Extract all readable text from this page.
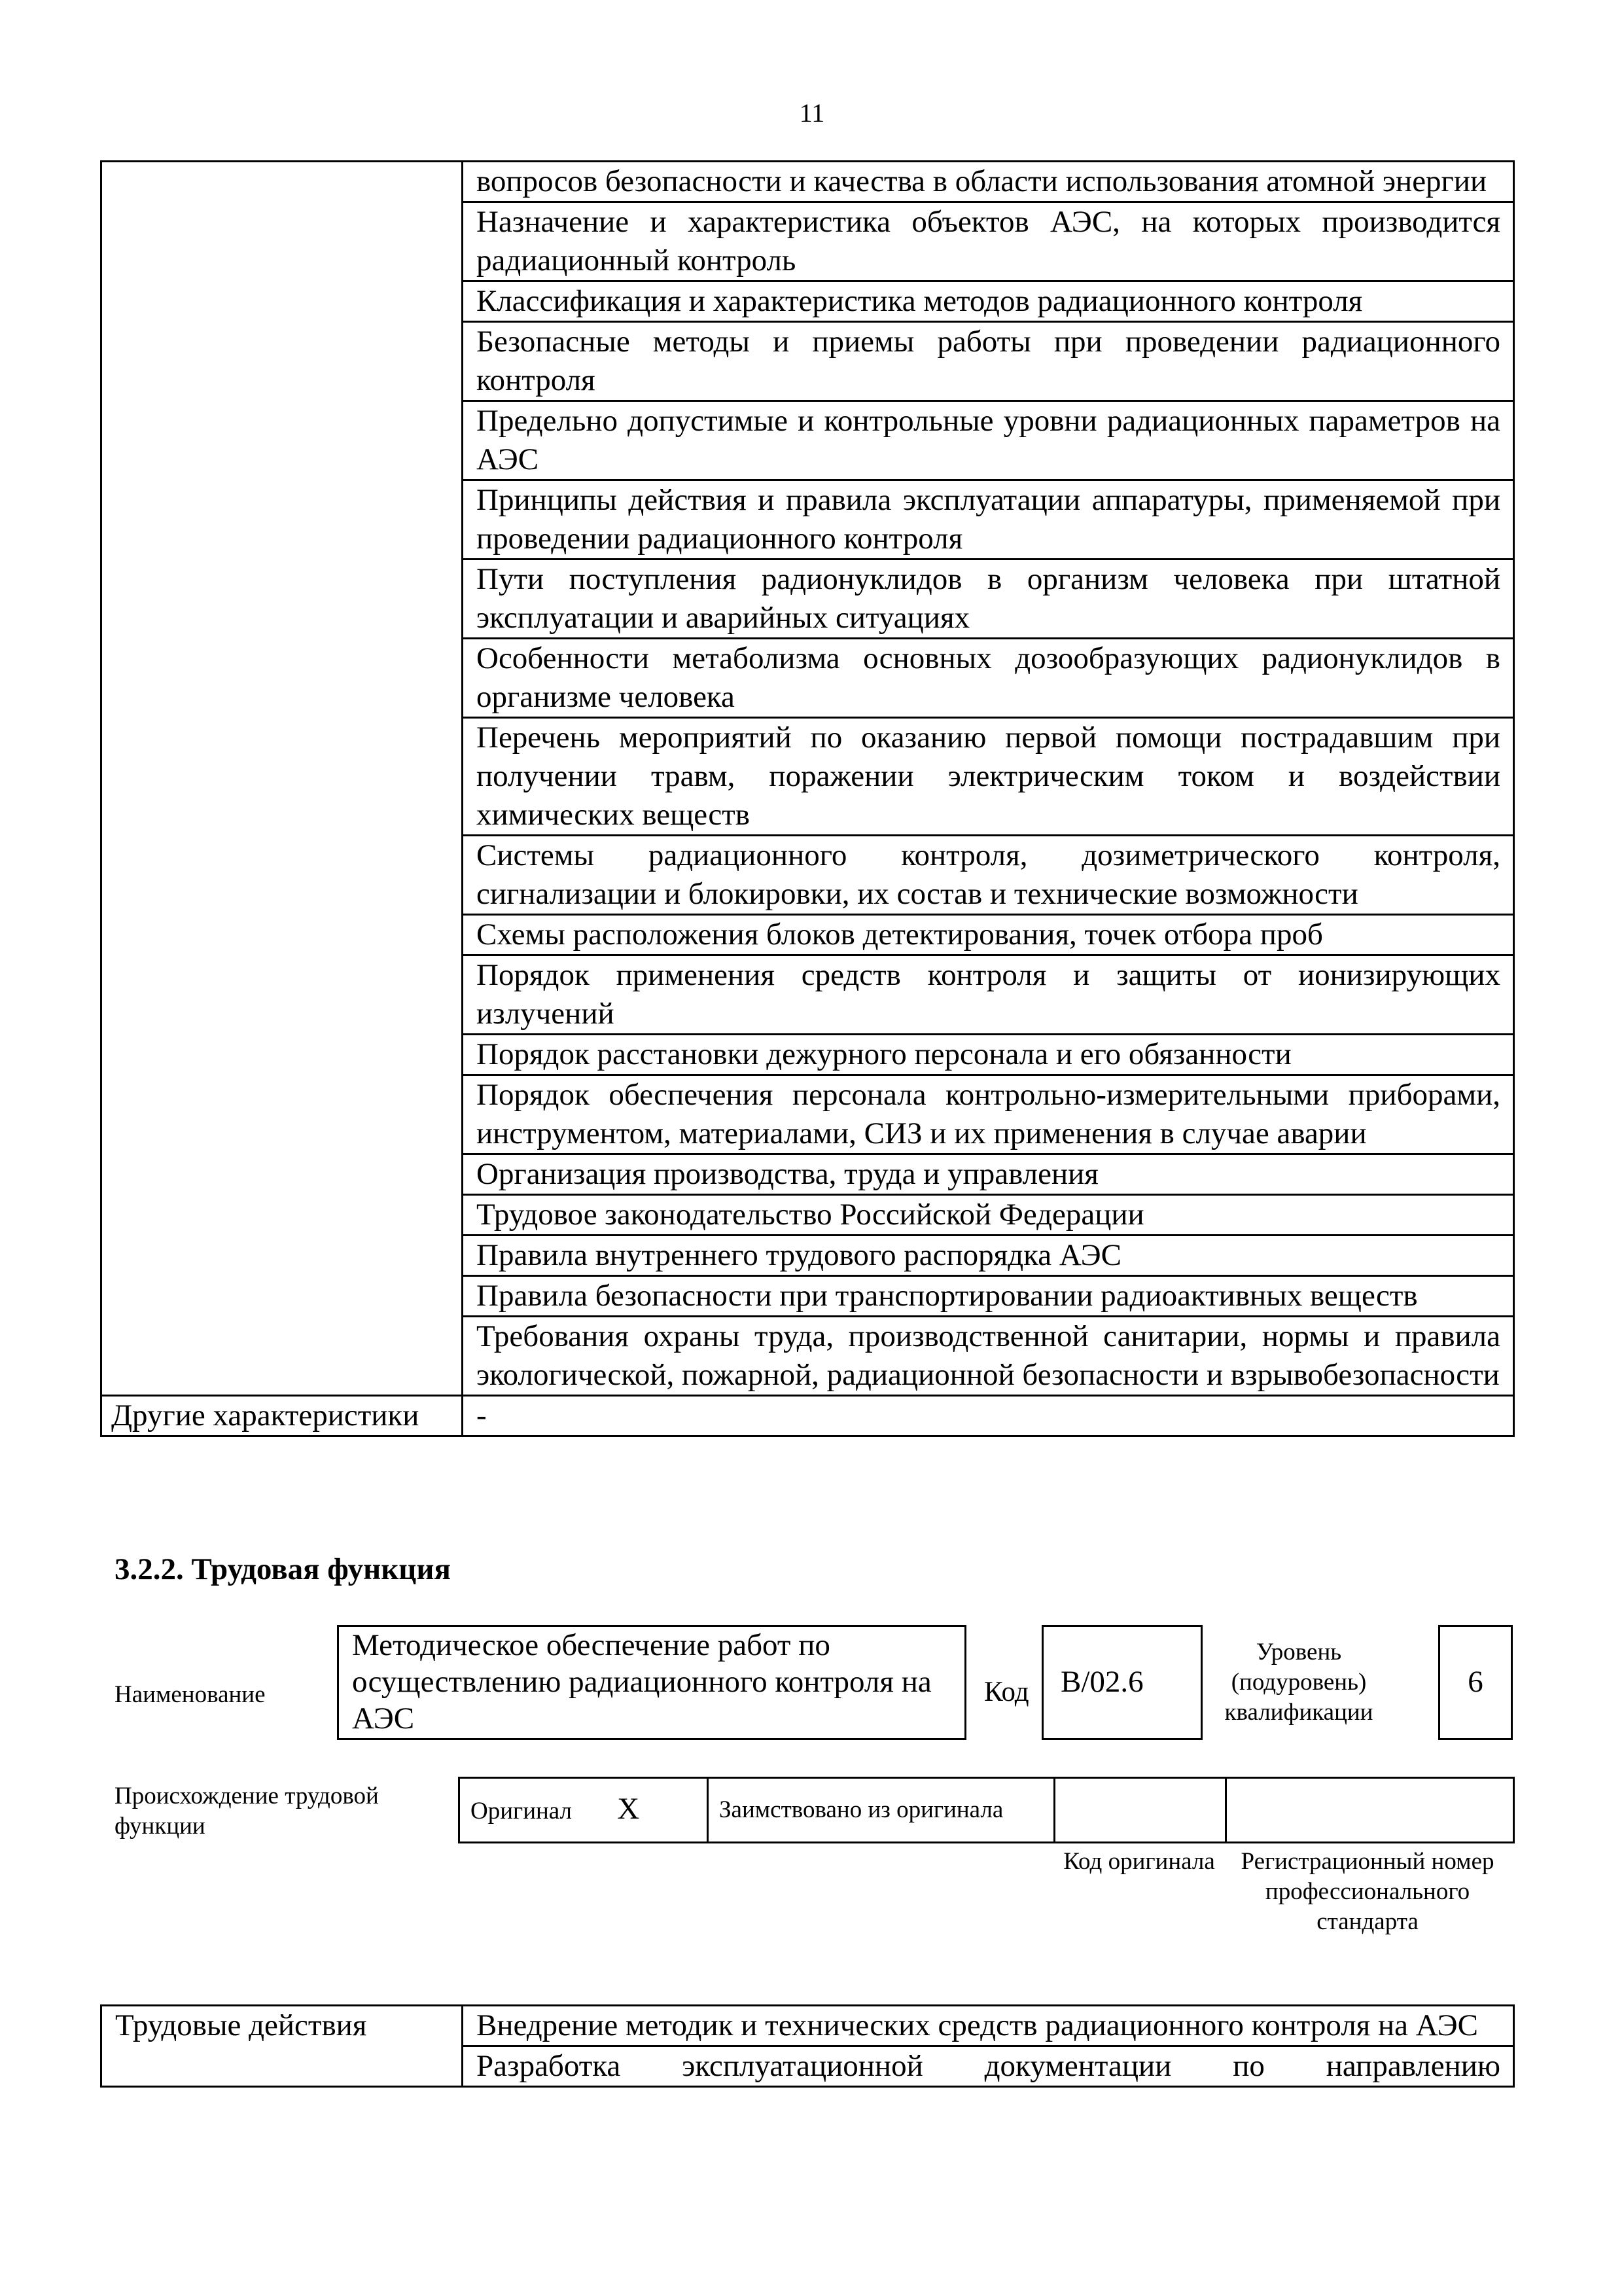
11
	вопросов безопасности и качества в области использования атомной энергии
	Назначение и характеристика объектов АЭС, на которых производится радиационный контроль
	Классификация и характеристика методов радиационного контроля
	Безопасные методы и приемы работы при проведении радиационного контроля
	Предельно допустимые и контрольные уровни радиационных параметров на АЭС
	Принципы действия и правила эксплуатации аппаратуры, применяемой при проведении радиационного контроля
	Пути поступления радионуклидов в организм человека при штатной эксплуатации и аварийных ситуациях
	Особенности метаболизма основных дозообразующих радионуклидов в организме человека
	Перечень мероприятий по оказанию первой помощи пострадавшим при получении травм, поражении электрическим током и воздействии химических веществ
	Системы радиационного контроля, дозиметрического контроля, сигнализации и блокировки, их состав и технические возможности
	Схемы расположения блоков детектирования, точек отбора проб
	Порядок применения средств контроля и защиты от ионизирующих излучений
	Порядок расстановки дежурного персонала и его обязанности
	Порядок обеспечения персонала контрольно-измерительными приборами, инструментом, материалами, СИЗ и их применения в случае аварии
	Организация производства, труда и управления
	Трудовое законодательство Российской Федерации
	Правила внутреннего трудового распорядка АЭС
	Правила безопасности при транспортировании радиоактивных веществ
	Требования охраны труда, производственной санитарии, нормы и правила экологической, пожарной, радиационной безопасности и взрывобезопасности
Другие характеристики	-
3.2.2. Трудовая функция
Наименование
Методическое обеспечение работ по осуществлению радиационного контроля на АЭС
Код	B/02.6
Уровень (подуровень) квалификации
6
Происхождение трудовой функции
Оригинал X	Заимствовано из оригинала		
Код оригинала	Регистрационный номер профессионального стандарта
Трудовые действия	Внедрение методик и технических средств радиационного контроля на АЭС
Разработка эксплуатационной документации по направлению
